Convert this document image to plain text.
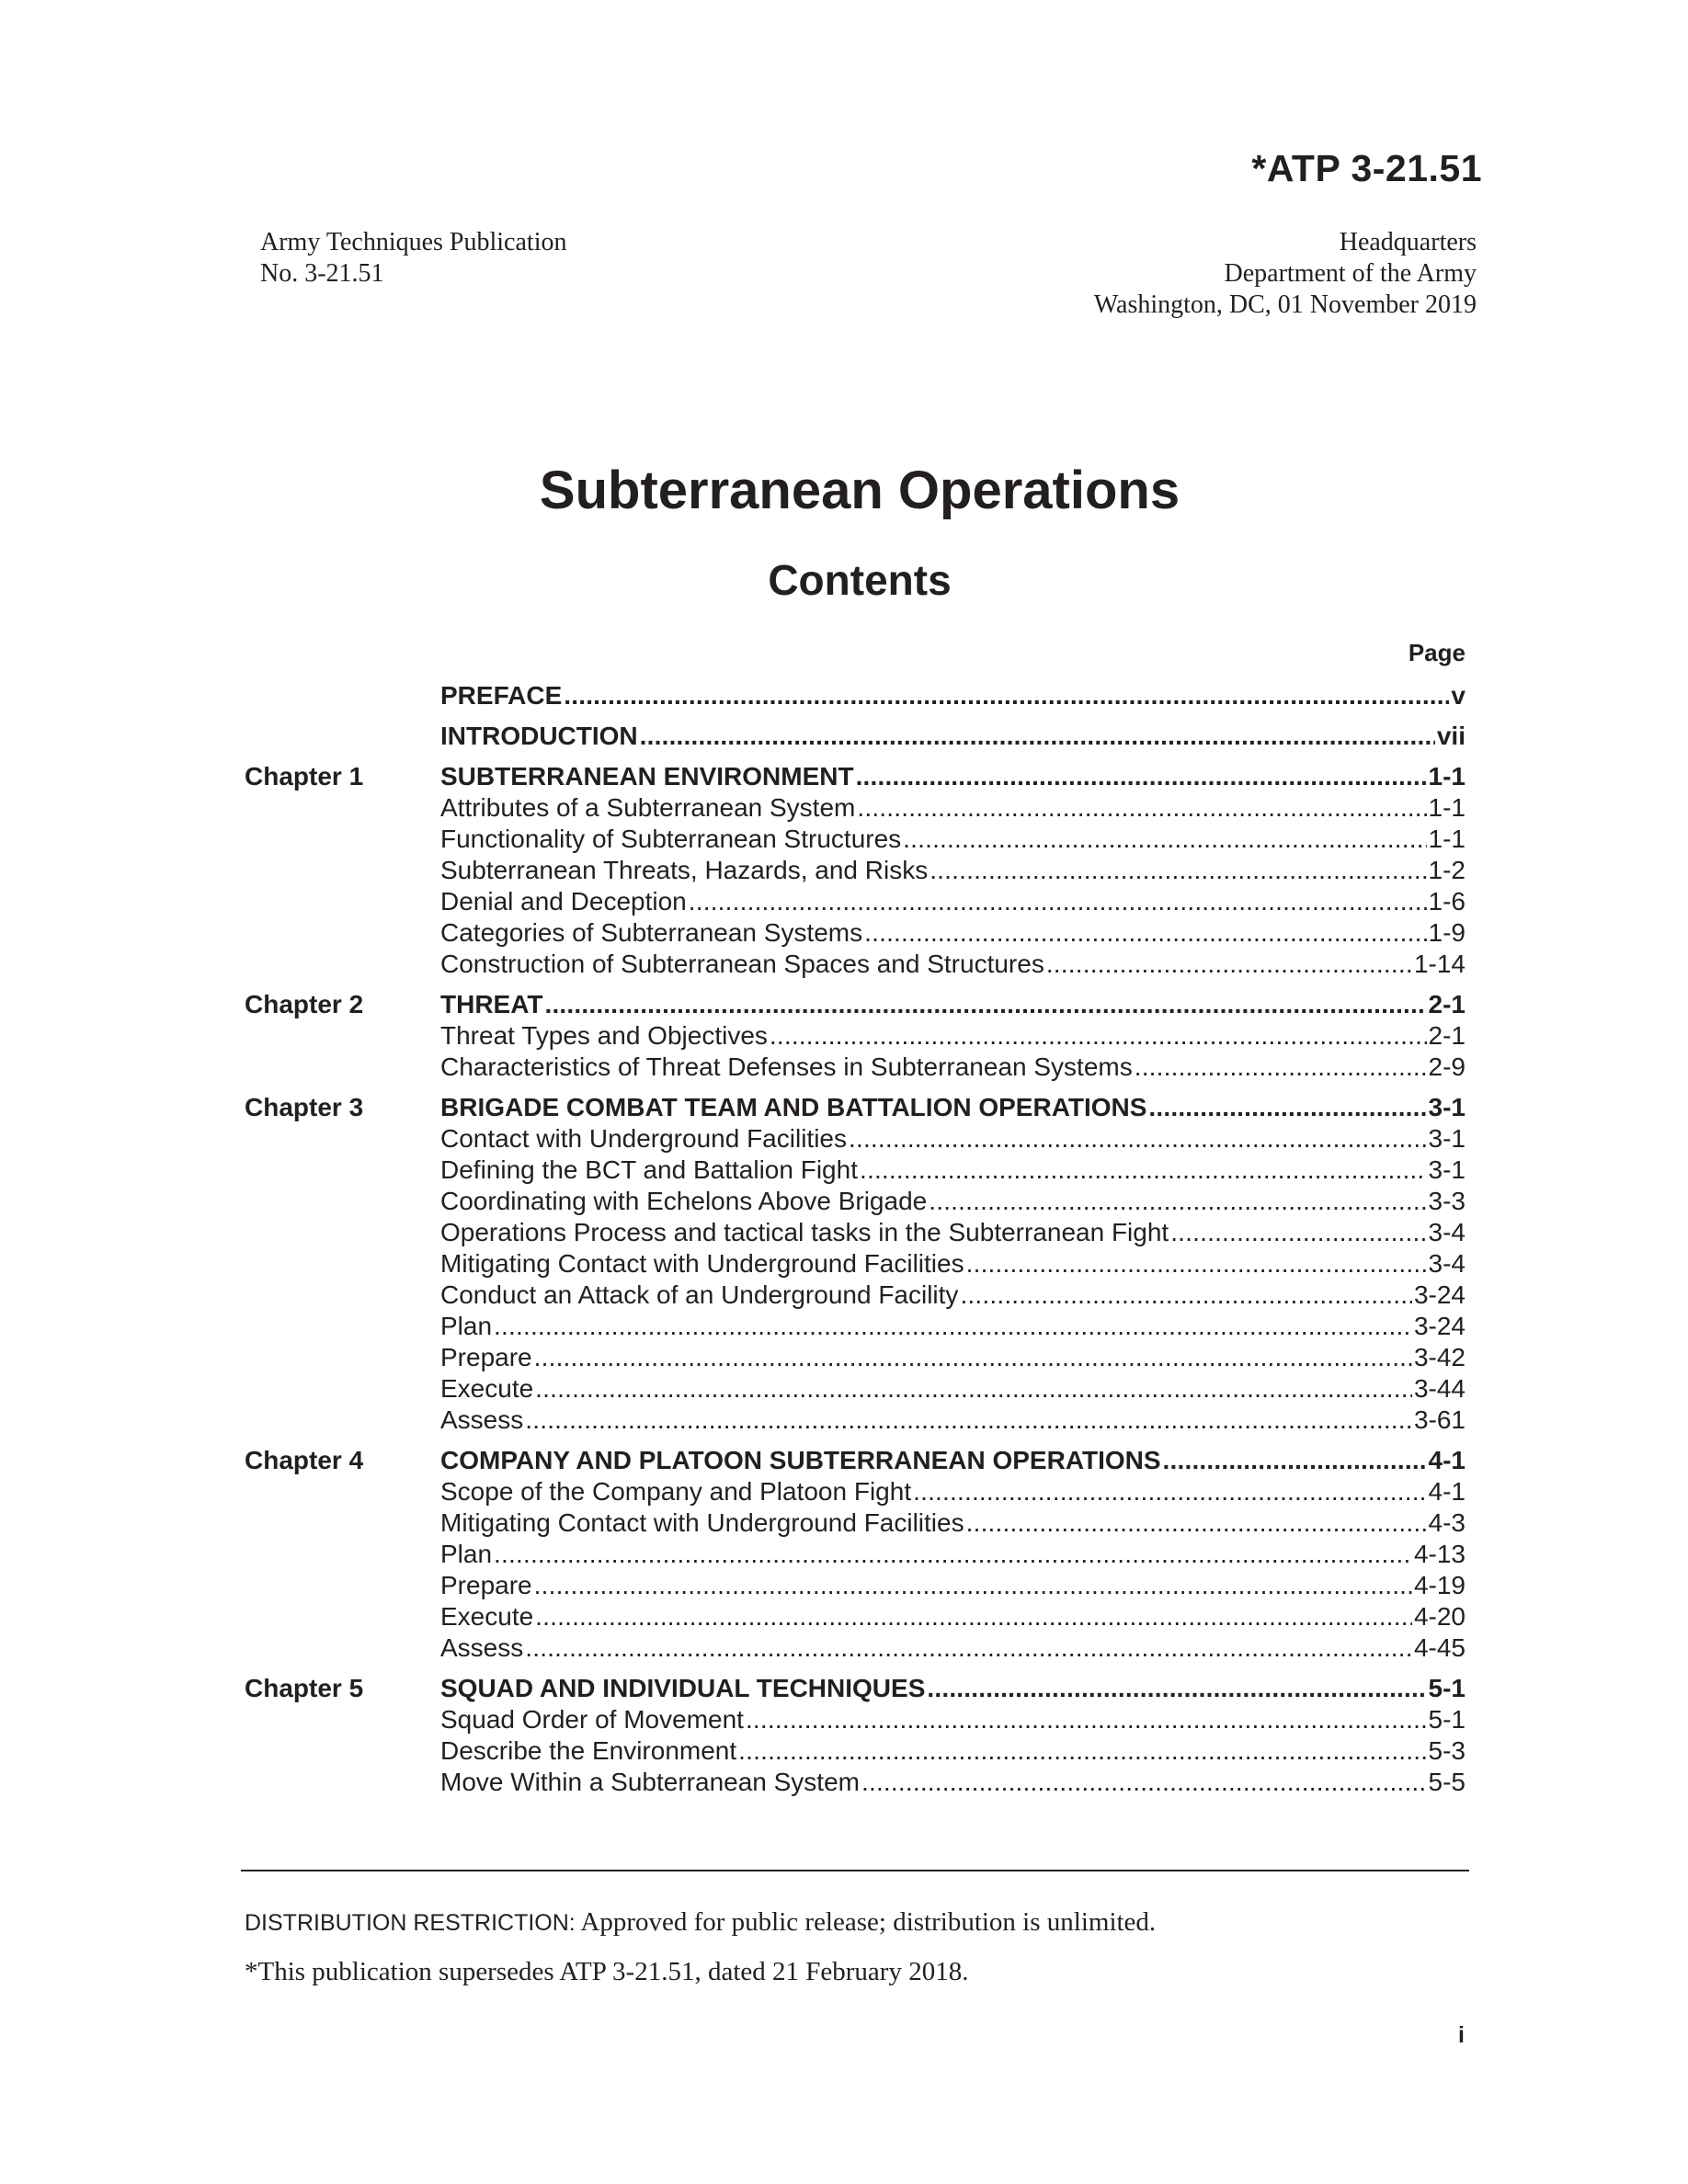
*ATP 3-21.51
Army Techniques Publication
No. 3-21.51
Headquarters
Department of the Army
Washington, DC, 01 November 2019
Subterranean Operations
Contents
Page
PREFACE .....	v
INTRODUCTION .....	vii
Chapter 1	SUBTERRANEAN ENVIRONMENT .....	1-1
Attributes of a Subterranean System .....	1-1
Functionality of Subterranean Structures .....	1-1
Subterranean Threats, Hazards, and Risks .....	1-2
Denial and Deception .....	1-6
Categories of Subterranean Systems .....	1-9
Construction of Subterranean Spaces and Structures .....	1-14
Chapter 2	THREAT .....	2-1
Threat Types and Objectives .....	2-1
Characteristics of Threat Defenses in Subterranean Systems .....	2-9
Chapter 3	BRIGADE COMBAT TEAM AND BATTALION OPERATIONS .....	3-1
Contact with Underground Facilities .....	3-1
Defining the BCT and Battalion Fight .....	3-1
Coordinating with Echelons Above Brigade .....	3-3
Operations Process and tactical tasks in the Subterranean Fight .....	3-4
Mitigating Contact with Underground Facilities .....	3-4
Conduct an Attack of an Underground Facility .....	3-24
Plan .....	3-24
Prepare .....	3-42
Execute .....	3-44
Assess .....	3-61
Chapter 4	COMPANY AND PLATOON SUBTERRANEAN OPERATIONS .....	4-1
Scope of the Company and Platoon Fight .....	4-1
Mitigating Contact with Underground Facilities .....	4-3
Plan .....	4-13
Prepare .....	4-19
Execute .....	4-20
Assess .....	4-45
Chapter 5	SQUAD AND INDIVIDUAL TECHNIQUES .....	5-1
Squad Order of Movement .....	5-1
Describe the Environment .....	5-3
Move Within a Subterranean System .....	5-5
DISTRIBUTION RESTRICTION: Approved for public release; distribution is unlimited.
*This publication supersedes ATP 3-21.51, dated 21 February 2018.
i
